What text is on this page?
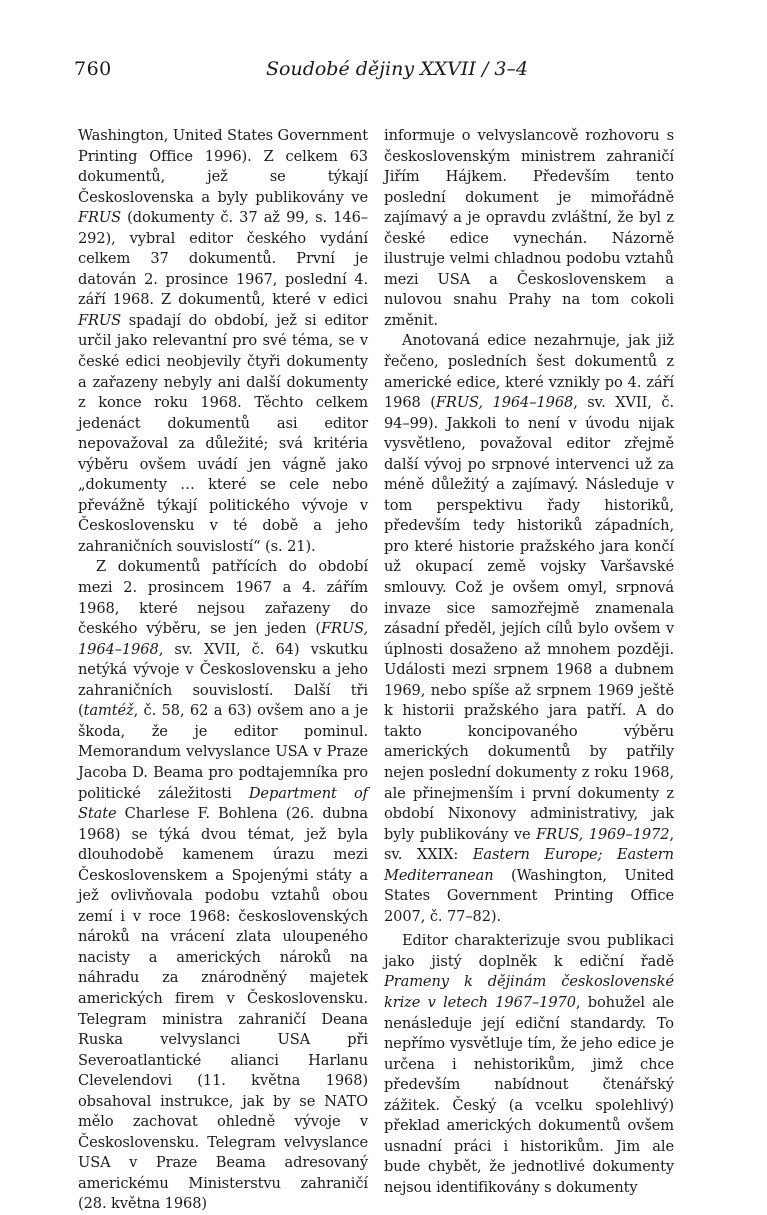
760	Soudobé dějiny XXVII / 3–4

Washington, United States Government Printing Office 1996). Z celkem 63 dokumentů, jež se týkají Československa a byly publikovány ve FRUS (dokumenty č. 37 až 99, s. 146–292), vybral editor českého vydání celkem 37 dokumentů. První je datován 2. prosince 1967, poslední 4. září 1968. Z dokumentů, které v edici FRUS spadají do období, jež si editor určil jako relevantní pro své téma, se v české edici neobjevily čtyři dokumenty a zařazeny nebyly ani další dokumenty z konce roku 1968. Těchto celkem jedenáct dokumentů asi editor nepovažoval za důležité; svá kritéria výběru ovšem uvádí jen vágně jako „dokumenty … které se cele nebo převážně týkají politického vývoje v Československu v té době a jeho zahraničních souvislostí“ (s. 21).

Z dokumentů patřících do období mezi 2. prosincem 1967 a 4. zářím 1968, které nejsou zařazeny do českého výběru, se jen jeden (FRUS, 1964–1968, sv. XVII, č. 64) vskutku netýká vývoje v Československu a jeho zahraničních souvislostí. Další tři (tamtéž, č. 58, 62 a 63) ovšem ano a je škoda, že je editor pominul. Memorandum velvyslance USA v Praze Jacoba D. Beama pro podtajemníka pro politické záležitosti Department of State Charlese F. Bohlena (26. dubna 1968) se týká dvou témat, jež byla dlouhodobě kamenem úrazu mezi Československem a Spojenými státy a jež ovlivňovala podobu vztahů obou zemí i v roce 1968: československých nároků na vrácení zlata uloupeného nacisty a amerických nároků na náhradu za znárodněný majetek amerických firem v Československu. Telegram ministra zahraničí Deana Ruska velvyslanci USA při Severoatlantické alianci Harlanu Clevelendovi (11. května 1968) obsahoval instrukce, jak by se NATO mělo zachovat ohledně vývoje v Československu. Telegram velvyslance USA v Praze Beama adresovaný americkému Ministerstvu zahraničí (28. května 1968)

informuje o velvyslancově rozhovoru s československým ministrem zahraničí Jiřím Hájkem. Především tento poslední dokument je mimořádně zajímavý a je opravdu zvláštní, že byl z české edice vynechán. Názorně ilustruje velmi chladnou podobu vztahů mezi USA a Československem a nulovou snahu Prahy na tom cokoli změnit.

Anotovaná edice nezahrnuje, jak již řečeno, posledních šest dokumentů z americké edice, které vznikly po 4. září 1968 (FRUS, 1964–1968, sv. XVII, č. 94–99). Jakkoli to není v úvodu nijak vysvětleno, považoval editor zřejmě další vývoj po srpnové intervenci už za méně důležitý a zajímavý. Následuje v tom perspektivu řady historiků, především tedy historiků západních, pro které historie pražského jara končí už okupací země vojsky Varšavské smlouvy. Což je ovšem omyl, srpnová invaze sice samozřejmě znamenala zásadní předěl, jejích cílů bylo ovšem v úplnosti dosaženo až mnohem později. Události mezi srpnem 1968 a dubnem 1969, nebo spíše až srpnem 1969 ještě k historii pražského jara patří. A do takto koncipovaného výběru amerických dokumentů by patřily nejen poslední dokumenty z roku 1968, ale přinejmenším i první dokumenty z období Nixonovy administrativy, jak byly publikovány ve FRUS, 1969–1972, sv. XXIX: Eastern Europe; Eastern Mediterranean (Washington, United States Government Printing Office 2007, č. 77–82).

Editor charakterizuje svou publikaci jako jistý doplněk k ediční řadě Prameny k dějinám československé krize v letech 1967–1970, bohužel ale nenásleduje její ediční standardy. To nepřímo vysvětluje tím, že jeho edice je určena i nehistorikům, jimž chce především nabídnout čtenářský zážitek. Český (a vcelku spolehlivý) překlad amerických dokumentů ovšem usnadní práci i historikům. Jim ale bude chybět, že jednotlivé dokumenty nejsou identifikovány s dokumenty
